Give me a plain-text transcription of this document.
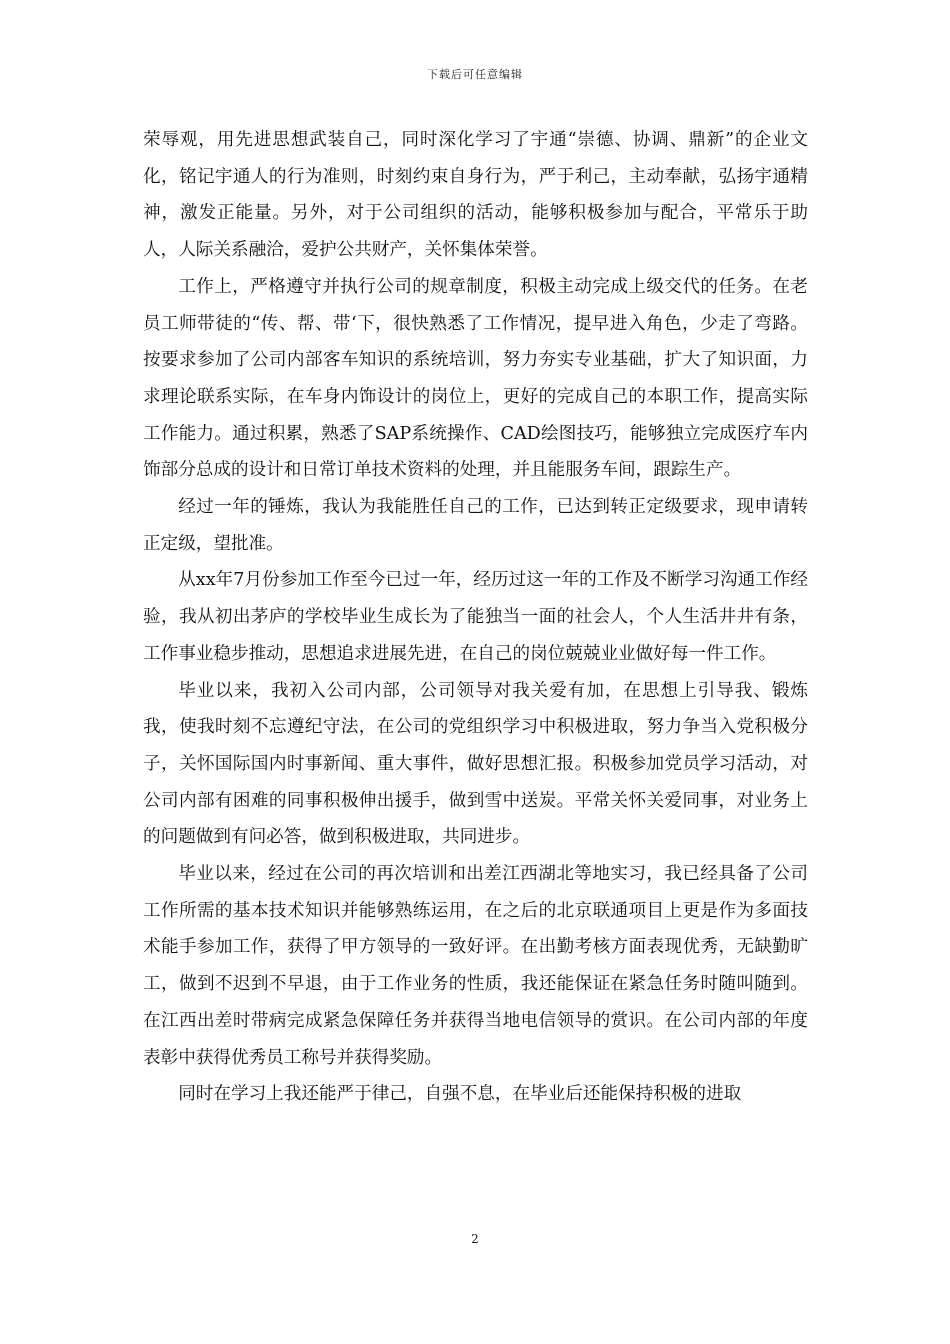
下载后可任意编辑

荣辱观，用先进思想武装自己，同时深化学习了宇通“崇德、协调、鼎新”的企业文化，铭记宇通人的行为准则，时刻约束自身行为，严于利己，主动奉献，弘扬宇通精神，激发正能量。另外，对于公司组织的活动，能够积极参加与配合，平常乐于助人，人际关系融洽，爱护公共财产，关怀集体荣誉。

工作上，严格遵守并执行公司的规章制度，积极主动完成上级交代的任务。在老员工师带徒的“传、帮、带‘下，很快熟悉了工作情况，提早进入角色，少走了弯路。按要求参加了公司内部客车知识的系统培训，努力夯实专业基础，扩大了知识面，力求理论联系实际，在车身内饰设计的岗位上，更好的完成自己的本职工作，提高实际工作能力。通过积累，熟悉了SAP系统操作、CAD绘图技巧，能够独立完成医疗车内饰部分总成的设计和日常订单技术资料的处理，并且能服务车间，跟踪生产。

经过一年的锤炼，我认为我能胜任自己的工作，已达到转正定级要求，现申请转正定级，望批准。

从xx年7月份参加工作至今已过一年，经历过这一年的工作及不断学习沟通工作经验，我从初出茅庐的学校毕业生成长为了能独当一面的社会人，个人生活井井有条，工作事业稳步推动，思想追求进展先进，在自己的岗位兢兢业业做好每一件工作。

毕业以来，我初入公司内部，公司领导对我关爱有加，在思想上引导我、锻炼我，使我时刻不忘遵纪守法，在公司的党组织学习中积极进取，努力争当入党积极分子，关怀国际国内时事新闻、重大事件，做好思想汇报。积极参加党员学习活动，对公司内部有困难的同事积极伸出援手，做到雪中送炭。平常关怀关爱同事，对业务上的问题做到有问必答，做到积极进取，共同进步。

毕业以来，经过在公司的再次培训和出差江西湖北等地实习，我已经具备了公司工作所需的基本技术知识并能够熟练运用，在之后的北京联通项目上更是作为多面技术能手参加工作，获得了甲方领导的一致好评。在出勤考核方面表现优秀，无缺勤旷工，做到不迟到不早退，由于工作业务的性质，我还能保证在紧急任务时随叫随到。在江西出差时带病完成紧急保障任务并获得当地电信领导的赏识。在公司内部的年度表彰中获得优秀员工称号并获得奖励。

同时在学习上我还能严于律己，自强不息，在毕业后还能保持积极的进取

2
